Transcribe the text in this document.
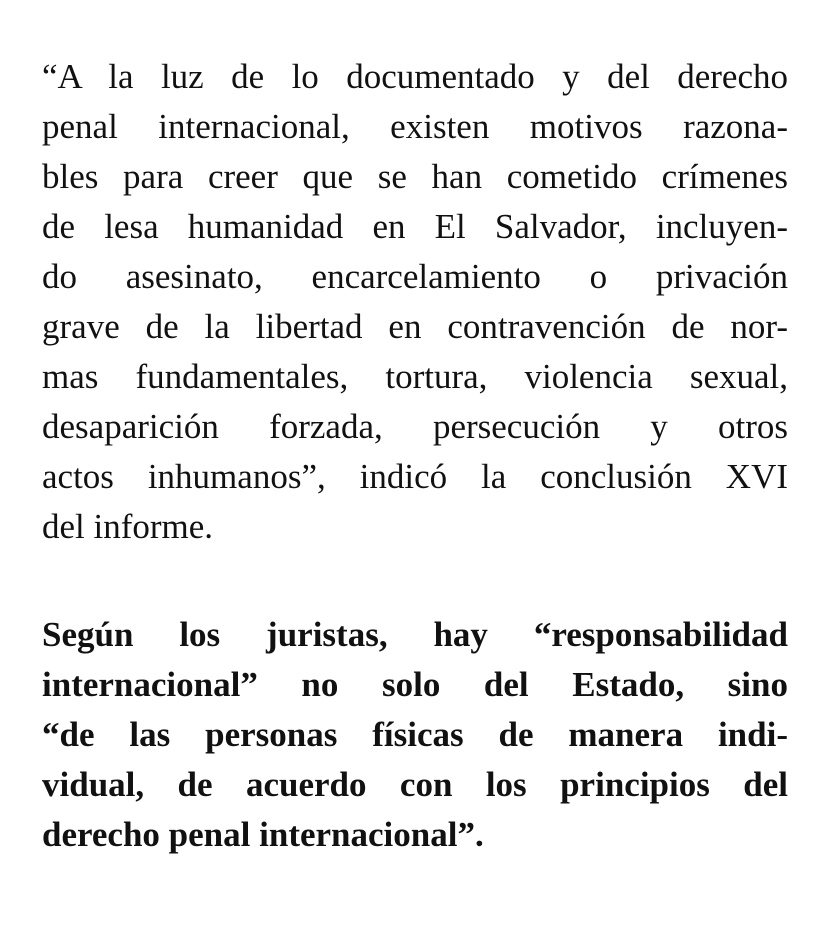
“A la luz de lo documentado y del derecho
penal internacional, existen motivos razona-
bles para creer que se han cometido crímenes
de lesa humanidad en El Salvador, incluyen-
do asesinato, encarcelamiento o privación
grave de la libertad en contravención de nor-
mas fundamentales, tortura, violencia sexual,
desaparición forzada, persecución y otros
actos inhumanos”, indicó la conclusión XVI
del informe.

Según los juristas, hay “responsabilidad
internacional” no solo del Estado, sino
“de las personas físicas de manera indi-
vidual, de acuerdo con los principios del
derecho penal internacional”.
